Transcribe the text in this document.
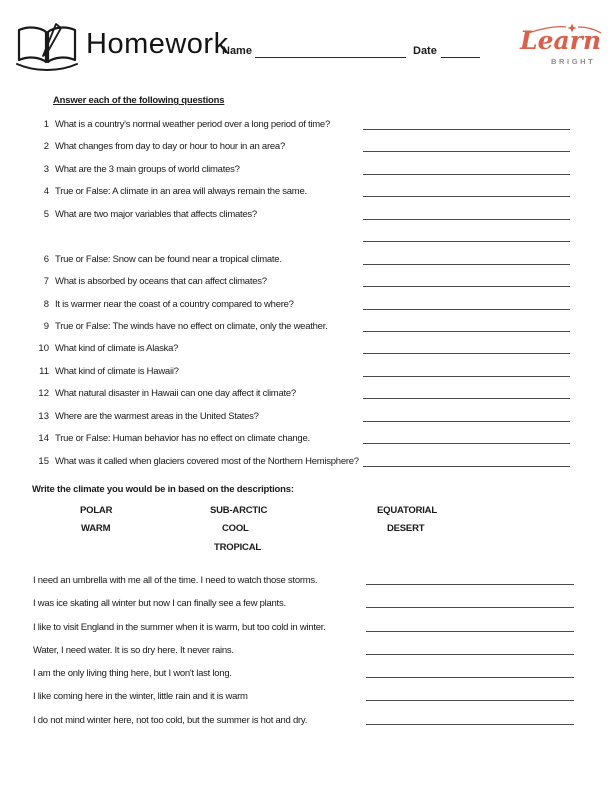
Homework
Name	Date	Learn
BRIGHT
Answer each of the following questions
1 What is a country's normal weather period over a long period of time?
2 What changes from day to day or hour to hour in an area?
3 What are the 3 main groups of world climates?
4 True or False: A climate in an area will always remain the same.
5 What are two major variables that affects climates?
6 True or False: Snow can be found near a tropical climate.
7 What is absorbed by oceans that can affect climates?
8 It is warmer near the coast of a country compared to where?
9 True or False: The winds have no effect on climate, only the weather.
10 What kind of climate is Alaska?
11 What kind of climate is Hawaii?
12 What natural disaster in Hawaii can one day affect it climate?
13 Where are the warmest areas in the United States?
14 True or False: Human behavior has no effect on climate change.
15 What was it called when glaciers covered most of the Northern Hemisphere?
Write the climate you would be in based on the descriptions:
POLAR	SUB-ARCTIC	EQUATORIAL
WARM	COOL	DESERT
TROPICAL
I need an umbrella with me all of the time. I need to watch those storms.
I was ice skating all winter but now I can finally see a few plants.
I like to visit England in the summer when it is warm, but too cold in winter.
Water, I need water. It is so dry here. It never rains.
I am the only living thing here, but I won't last long.
I like coming here in the winter, little rain and it is warm
I do not mind winter here, not too cold, but the summer is hot and dry.
